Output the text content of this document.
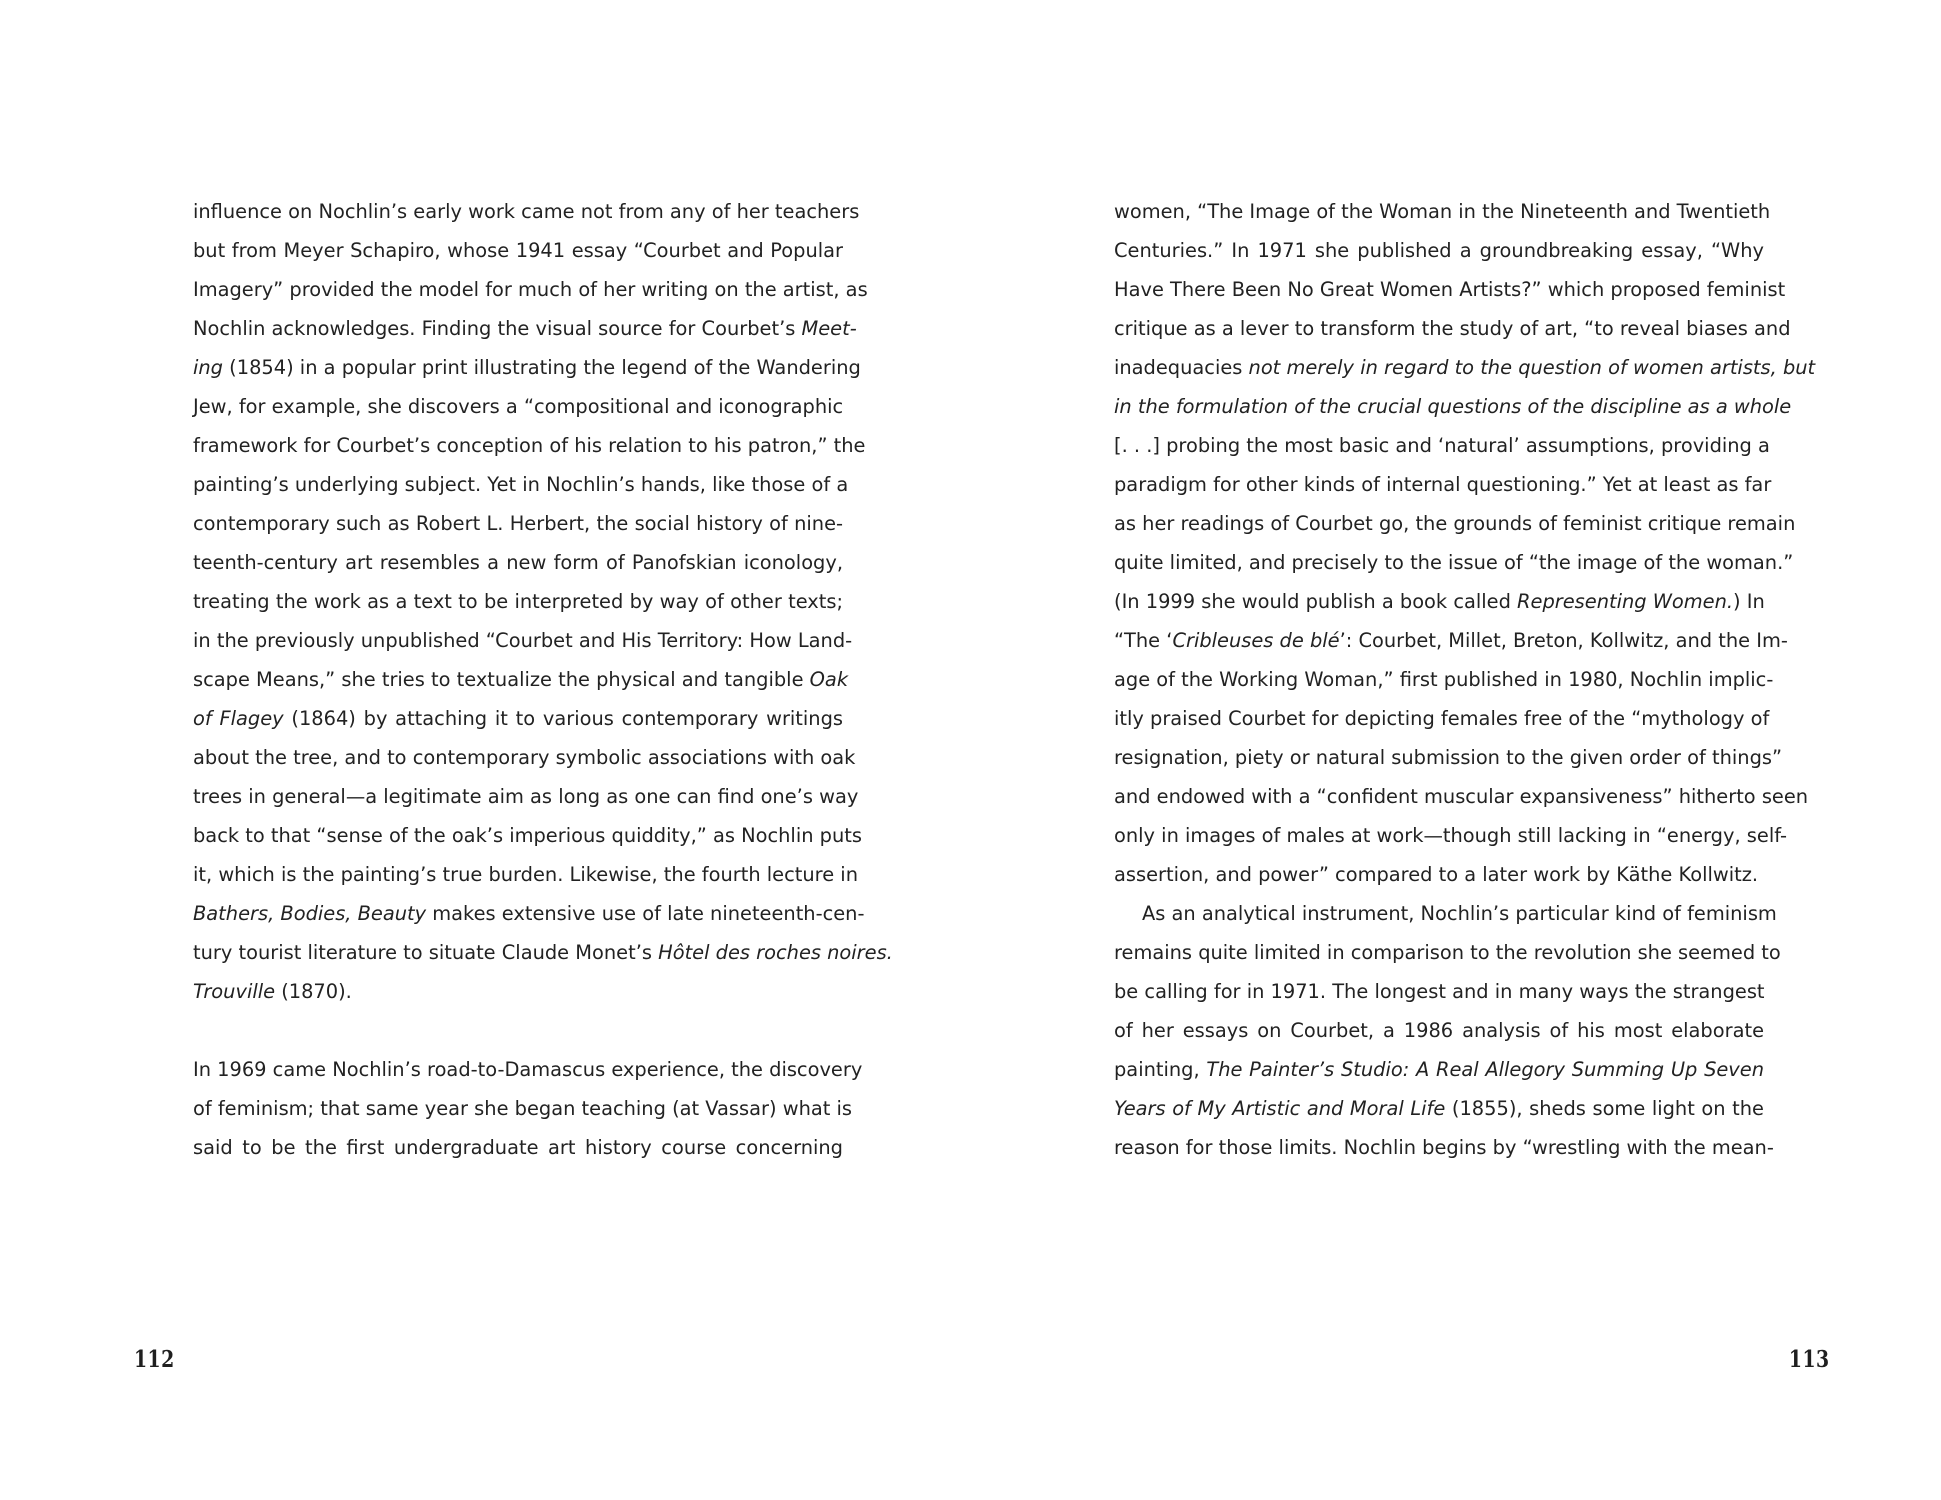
influence on Nochlin’s early work came not from any of her teachers
but from Meyer Schapiro, whose 1941 essay “Courbet and Popular
Imagery” provided the model for much of her writing on the artist, as
Nochlin acknowledges. Finding the visual source for Courbet’s Meet-
ing (1854) in a popular print illustrating the legend of the Wandering
Jew, for example, she discovers a “compositional and iconographic
framework for Courbet’s conception of his relation to his patron,” the
painting’s underlying subject. Yet in Nochlin’s hands, like those of a
contemporary such as Robert L. Herbert, the social history of nine-
teenth-century art resembles a new form of Panofskian iconology,
treating the work as a text to be interpreted by way of other texts;
in the previously unpublished “Courbet and His Territory: How Land-
scape Means,” she tries to textualize the physical and tangible Oak
of Flagey (1864) by attaching it to various contemporary writings
about the tree, and to contemporary symbolic associations with oak
trees in general—a legitimate aim as long as one can find one’s way
back to that “sense of the oak’s imperious quiddity,” as Nochlin puts
it, which is the painting’s true burden. Likewise, the fourth lecture in
Bathers, Bodies, Beauty makes extensive use of late nineteenth-cen-
tury tourist literature to situate Claude Monet’s Hôtel des roches noires.
Trouville (1870).
In 1969 came Nochlin’s road-to-Damascus experience, the discovery
of feminism; that same year she began teaching (at Vassar) what is
said to be the first undergraduate art history course concerning
112
women, “The Image of the Woman in the Nineteenth and Twentieth
Centuries.” In 1971 she published a groundbreaking essay, “Why
Have There Been No Great Women Artists?” which proposed feminist
critique as a lever to transform the study of art, “to reveal biases and
inadequacies not merely in regard to the question of women artists, but
in the formulation of the crucial questions of the discipline as a whole
[. . .] probing the most basic and ‘natural’ assumptions, providing a
paradigm for other kinds of internal questioning.” Yet at least as far
as her readings of Courbet go, the grounds of feminist critique remain
quite limited, and precisely to the issue of “the image of the woman.”
(In 1999 she would publish a book called Representing Women.) In
“The ‘Cribleuses de blé’: Courbet, Millet, Breton, Kollwitz, and the Im-
age of the Working Woman,” first published in 1980, Nochlin implic-
itly praised Courbet for depicting females free of the “mythology of
resignation, piety or natural submission to the given order of things”
and endowed with a “confident muscular expansiveness” hitherto seen
only in images of males at work—though still lacking in “energy, self-
assertion, and power” compared to a later work by Käthe Kollwitz.
As an analytical instrument, Nochlin’s particular kind of feminism
remains quite limited in comparison to the revolution she seemed to
be calling for in 1971. The longest and in many ways the strangest
of her essays on Courbet, a 1986 analysis of his most elaborate
painting, The Painter’s Studio: A Real Allegory Summing Up Seven
Years of My Artistic and Moral Life (1855), sheds some light on the
reason for those limits. Nochlin begins by “wrestling with the mean-
113
